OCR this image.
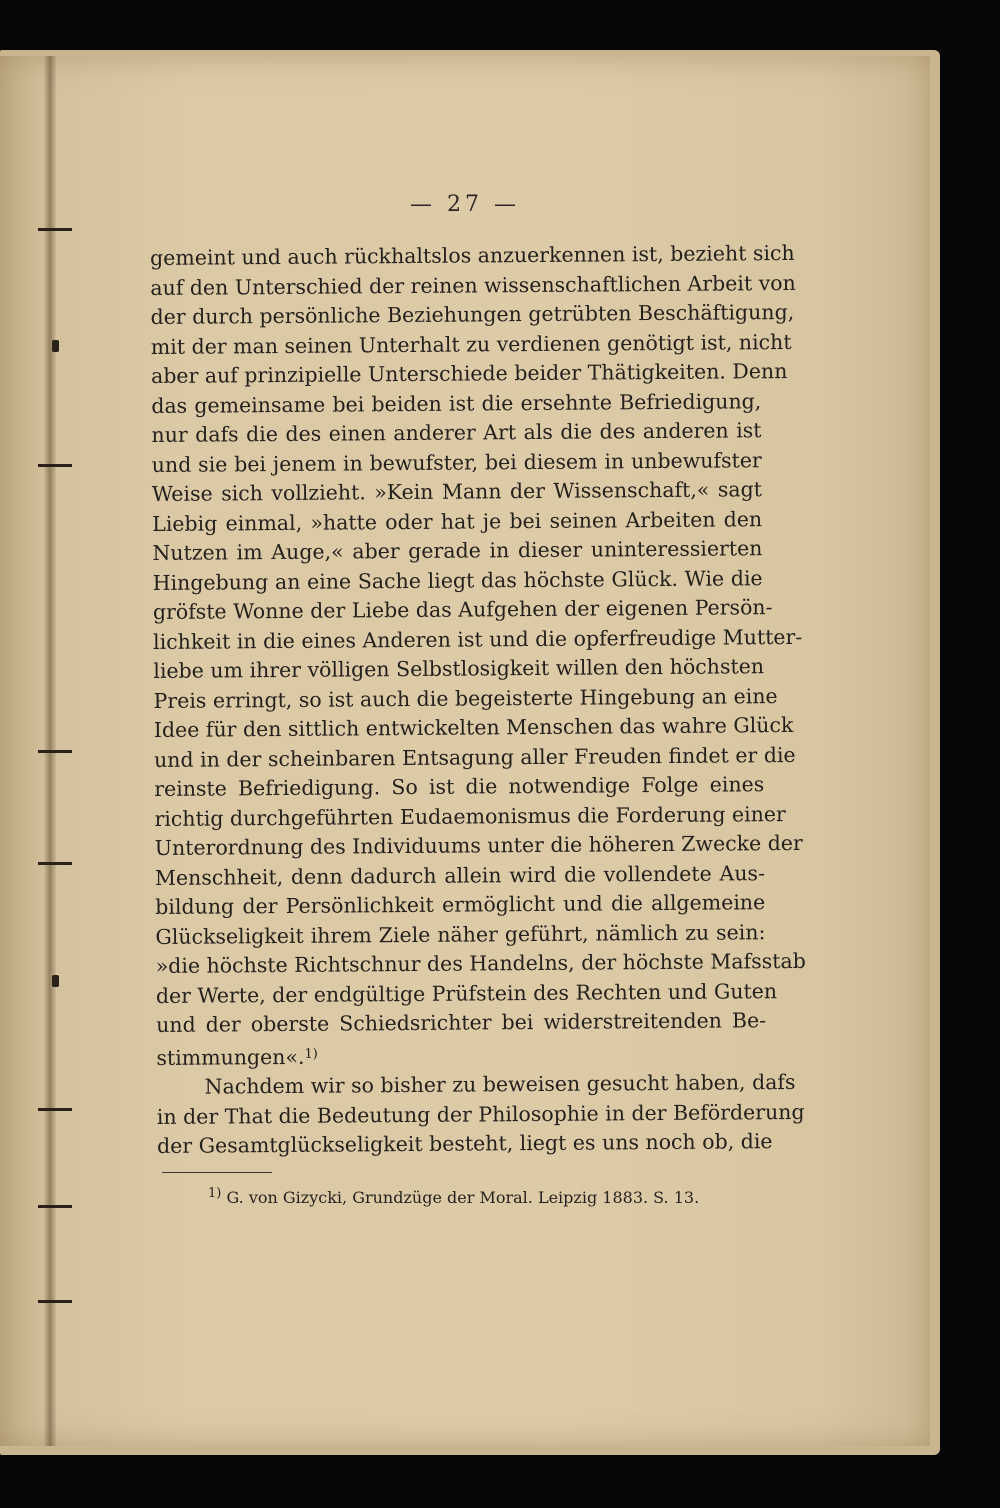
— 27 —
gemeint und auch rückhaltslos anzuerkennen ist, bezieht sich
auf den Unterschied der reinen wissenschaftlichen Arbeit von
der durch persönliche Beziehungen getrübten Beschäftigung,
mit der man seinen Unterhalt zu verdienen genötigt ist, nicht
aber auf prinzipielle Unterschiede beider Thätigkeiten. Denn
das gemeinsame bei beiden ist die ersehnte Befriedigung,
nur dafs die des einen anderer Art als die des anderen ist
und sie bei jenem in bewufster, bei diesem in unbewufster
Weise sich vollzieht. »Kein Mann der Wissenschaft,« sagt
Liebig einmal, »hatte oder hat je bei seinen Arbeiten den
Nutzen im Auge,« aber gerade in dieser uninteressierten
Hingebung an eine Sache liegt das höchste Glück. Wie die
gröfste Wonne der Liebe das Aufgehen der eigenen Persön-
lichkeit in die eines Anderen ist und die opferfreudige Mutter-
liebe um ihrer völligen Selbstlosigkeit willen den höchsten
Preis erringt, so ist auch die begeisterte Hingebung an eine
Idee für den sittlich entwickelten Menschen das wahre Glück
und in der scheinbaren Entsagung aller Freuden findet er die
reinste Befriedigung. So ist die notwendige Folge eines
richtig durchgeführten Eudaemonismus die Forderung einer
Unterordnung des Individuums unter die höheren Zwecke der
Menschheit, denn dadurch allein wird die vollendete Aus-
bildung der Persönlichkeit ermöglicht und die allgemeine
Glückseligkeit ihrem Ziele näher geführt, nämlich zu sein:
»die höchste Richtschnur des Handelns, der höchste Mafsstab
der Werte, der endgültige Prüfstein des Rechten und Guten
und der oberste Schiedsrichter bei widerstreitenden Be-
stimmungen«.$^{1)}$
Nachdem wir so bisher zu beweisen gesucht haben, dafs
in der That die Bedeutung der Philosophie in der Beförderung
der Gesamtglückseligkeit besteht, liegt es uns noch ob, die
$^{1)}$ G. von Gizycki, Grundzüge der Moral. Leipzig 1883. S. 13.
